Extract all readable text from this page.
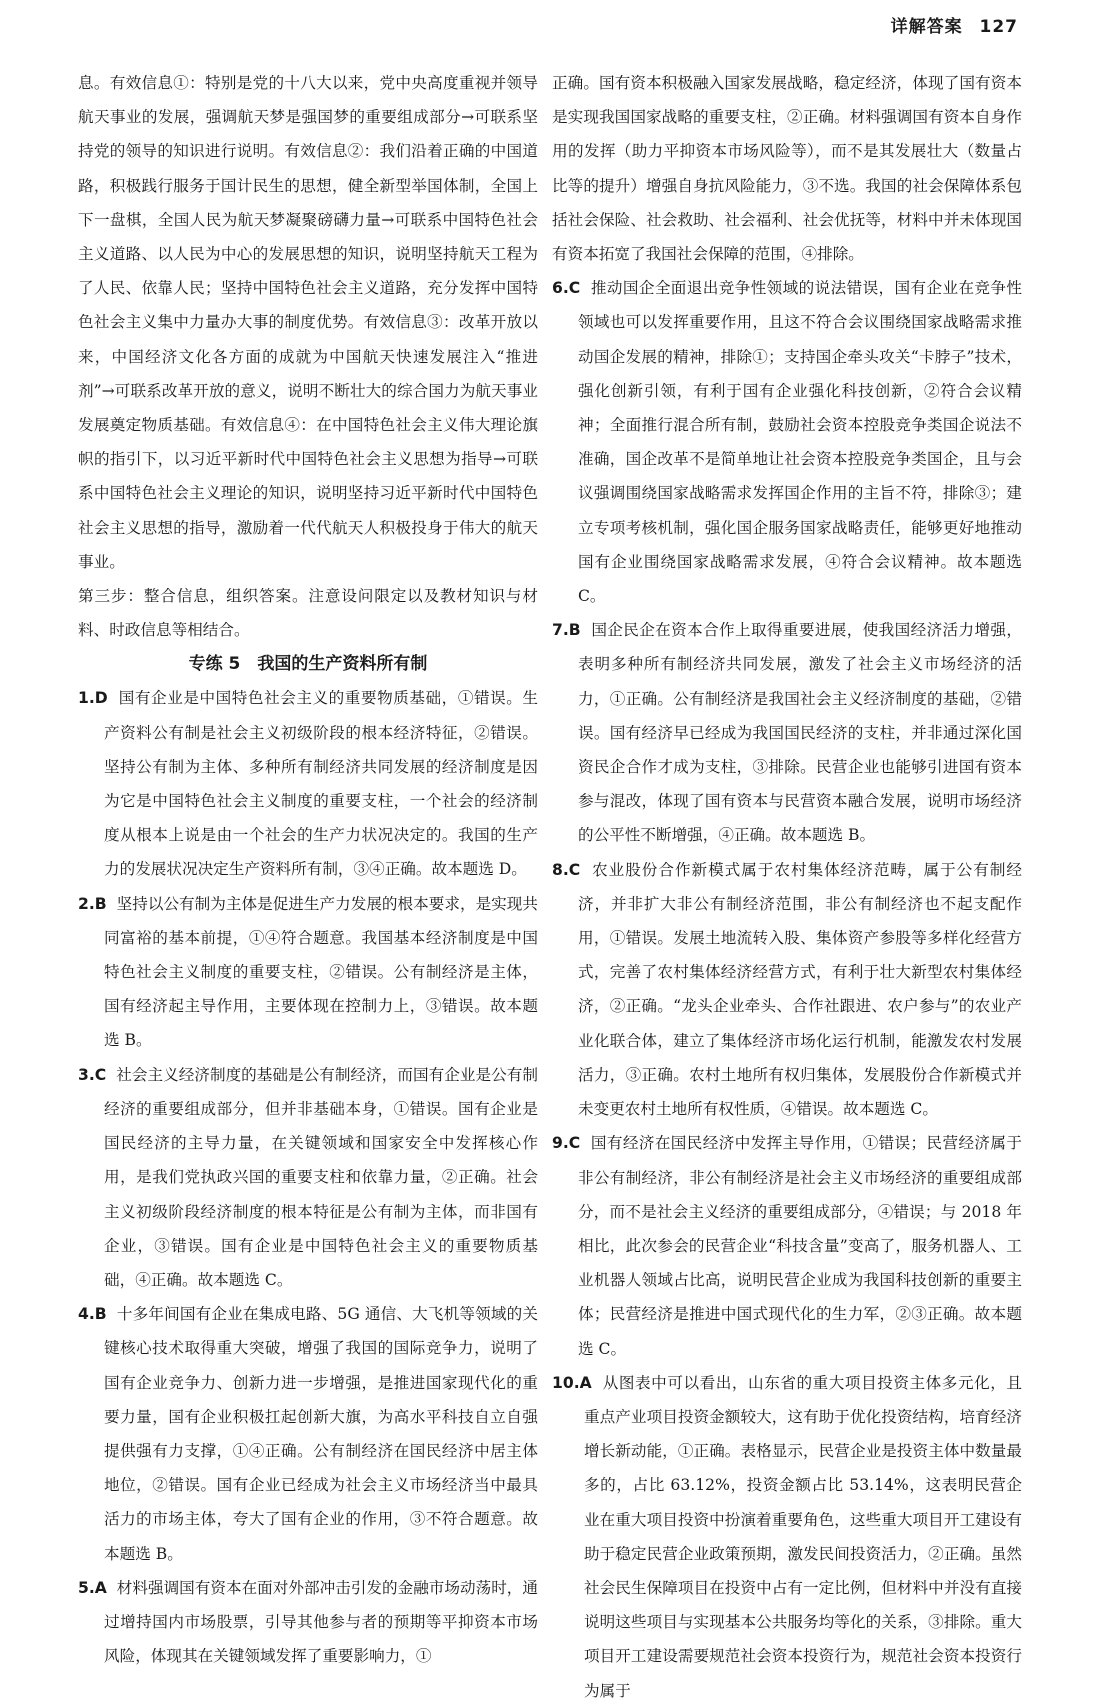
详解答案 127

息。有效信息①：特别是党的十八大以来，党中央高度重视并领导航天事业的发展，强调航天梦是强国梦的重要组成部分→可联系坚持党的领导的知识进行说明。有效信息②：我们沿着正确的中国道路，积极践行服务于国计民生的思想，健全新型举国体制，全国上下一盘棋，全国人民为航天梦凝聚磅礴力量→可联系中国特色社会主义道路、以人民为中心的发展思想的知识，说明坚持航天工程为了人民、依靠人民；坚持中国特色社会主义道路，充分发挥中国特色社会主义集中力量办大事的制度优势。有效信息③：改革开放以来，中国经济文化各方面的成就为中国航天快速发展注入“推进剂”→可联系改革开放的意义，说明不断壮大的综合国力为航天事业发展奠定物质基础。有效信息④：在中国特色社会主义伟大理论旗帜的指引下，以习近平新时代中国特色社会主义思想为指导→可联系中国特色社会主义理论的知识，说明坚持习近平新时代中国特色社会主义思想的指导，激励着一代代航天人积极投身于伟大的航天事业。

第三步：整合信息，组织答案。注意设问限定以及教材知识与材料、时政信息等相结合。

专练 5　我国的生产资料所有制

1.D 国有企业是中国特色社会主义的重要物质基础，①错误。生产资料公有制是社会主义初级阶段的根本经济特征，②错误。坚持公有制为主体、多种所有制经济共同发展的经济制度是因为它是中国特色社会主义制度的重要支柱，一个社会的经济制度从根本上说是由一个社会的生产力状况决定的。我国的生产力的发展状况决定生产资料所有制，③④正确。故本题选 D。

2.B 坚持以公有制为主体是促进生产力发展的根本要求，是实现共同富裕的基本前提，①④符合题意。我国基本经济制度是中国特色社会主义制度的重要支柱，②错误。公有制经济是主体，国有经济起主导作用，主要体现在控制力上，③错误。故本题选 B。

3.C 社会主义经济制度的基础是公有制经济，而国有企业是公有制经济的重要组成部分，但并非基础本身，①错误。国有企业是国民经济的主导力量，在关键领域和国家安全中发挥核心作用，是我们党执政兴国的重要支柱和依靠力量，②正确。社会主义初级阶段经济制度的根本特征是公有制为主体，而非国有企业，③错误。国有企业是中国特色社会主义的重要物质基础，④正确。故本题选 C。

4.B 十多年间国有企业在集成电路、5G 通信、大飞机等领域的关键核心技术取得重大突破，增强了我国的国际竞争力，说明了国有企业竞争力、创新力进一步增强，是推进国家现代化的重要力量，国有企业积极扛起创新大旗，为高水平科技自立自强提供强有力支撑，①④正确。公有制经济在国民经济中居主体地位，②错误。国有企业已经成为社会主义市场经济当中最具活力的市场主体，夸大了国有企业的作用，③不符合题意。故本题选 B。

5.A 材料强调国有资本在面对外部冲击引发的金融市场动荡时，通过增持国内市场股票，引导其他参与者的预期等平抑资本市场风险，体现其在关键领域发挥了重要影响力，①

正确。国有资本积极融入国家发展战略，稳定经济，体现了国有资本是实现我国国家战略的重要支柱，②正确。材料强调国有资本自身作用的发挥（助力平抑资本市场风险等），而不是其发展壮大（数量占比等的提升）增强自身抗风险能力，③不选。我国的社会保障体系包括社会保险、社会救助、社会福利、社会优抚等，材料中并未体现国有资本拓宽了我国社会保障的范围，④排除。

6.C 推动国企全面退出竞争性领域的说法错误，国有企业在竞争性领域也可以发挥重要作用，且这不符合会议围绕国家战略需求推动国企发展的精神，排除①；支持国企牵头攻关“卡脖子”技术，强化创新引领，有利于国有企业强化科技创新，②符合会议精神；全面推行混合所有制，鼓励社会资本控股竞争类国企说法不准确，国企改革不是简单地让社会资本控股竞争类国企，且与会议强调围绕国家战略需求发挥国企作用的主旨不符，排除③；建立专项考核机制，强化国企服务国家战略责任，能够更好地推动国有企业围绕国家战略需求发展，④符合会议精神。故本题选 C。

7.B 国企民企在资本合作上取得重要进展，使我国经济活力增强，表明多种所有制经济共同发展，激发了社会主义市场经济的活力，①正确。公有制经济是我国社会主义经济制度的基础，②错误。国有经济早已经成为我国国民经济的支柱，并非通过深化国资民企合作才成为支柱，③排除。民营企业也能够引进国有资本参与混改，体现了国有资本与民营资本融合发展，说明市场经济的公平性不断增强，④正确。故本题选 B。

8.C 农业股份合作新模式属于农村集体经济范畴，属于公有制经济，并非扩大非公有制经济范围，非公有制经济也不起支配作用，①错误。发展土地流转入股、集体资产参股等多样化经营方式，完善了农村集体经济经营方式，有利于壮大新型农村集体经济，②正确。“龙头企业牵头、合作社跟进、农户参与”的农业产业化联合体，建立了集体经济市场化运行机制，能激发农村发展活力，③正确。农村土地所有权归集体，发展股份合作新模式并未变更农村土地所有权性质，④错误。故本题选 C。

9.C 国有经济在国民经济中发挥主导作用，①错误；民营经济属于非公有制经济，非公有制经济是社会主义市场经济的重要组成部分，而不是社会主义经济的重要组成部分，④错误；与 2018 年相比，此次参会的民营企业“科技含量”变高了，服务机器人、工业机器人领域占比高，说明民营企业成为我国科技创新的重要主体；民营经济是推进中国式现代化的生力军，②③正确。故本题选 C。

10.A 从图表中可以看出，山东省的重大项目投资主体多元化，且重点产业项目投资金额较大，这有助于优化投资结构，培育经济增长新动能，①正确。表格显示，民营企业是投资主体中数量最多的，占比 63.12%，投资金额占比 53.14%，这表明民营企业在重大项目投资中扮演着重要角色，这些重大项目开工建设有助于稳定民营企业政策预期，激发民间投资活力，②正确。虽然社会民生保障项目在投资中占有一定比例，但材料中并没有直接说明这些项目与实现基本公共服务均等化的关系，③排除。重大项目开工建设需要规范社会资本投资行为，规范社会资本投资行为属于
